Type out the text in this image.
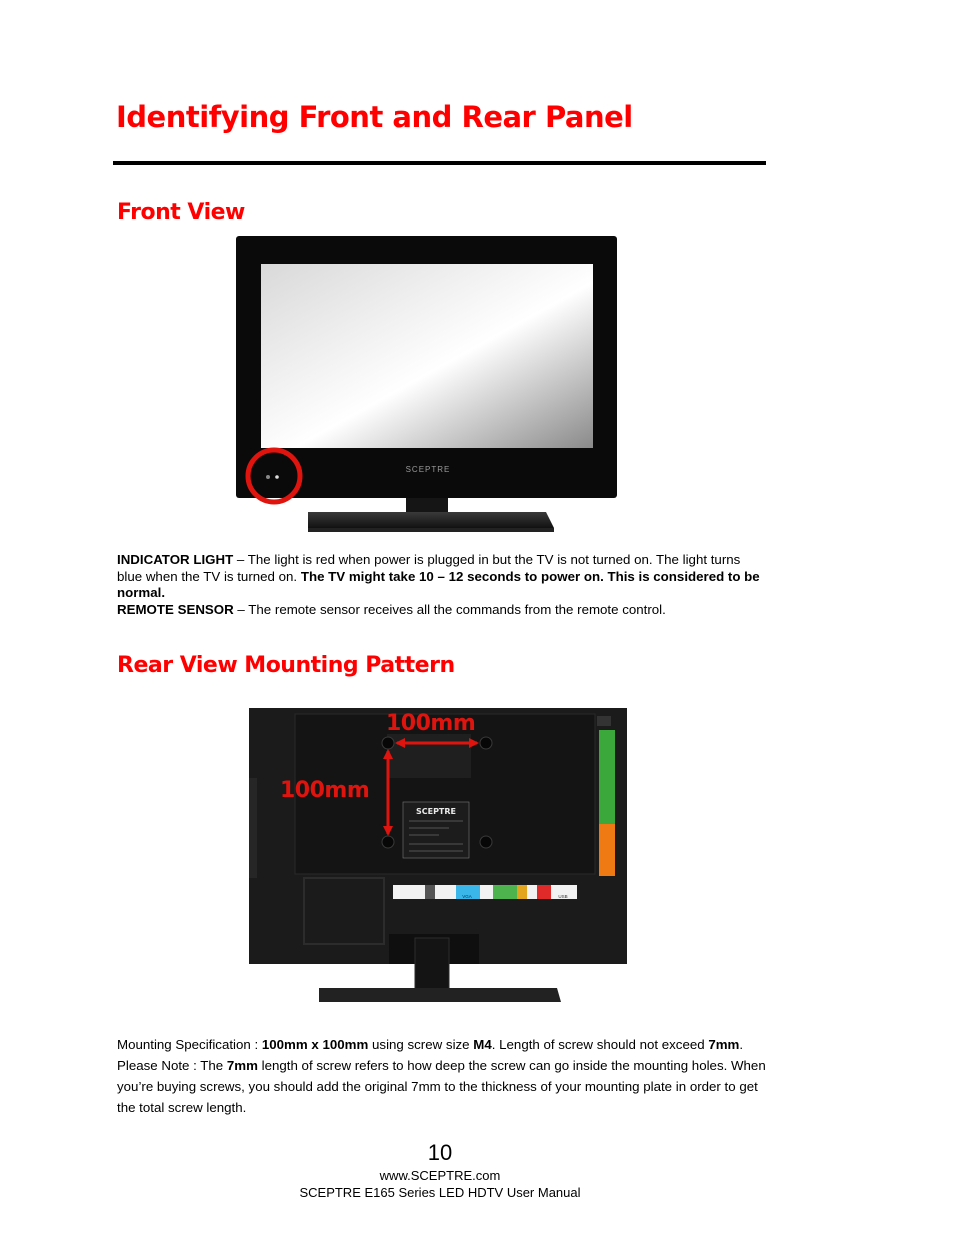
Identifying Front and Rear Panel
Front View
SCEPTRE
INDICATOR LIGHT – The light is red when power is plugged in but the TV is not turned on. The light turns blue when the TV is turned on. The TV might take 10 – 12 seconds to power on. This is considered to be normal.
REMOTE SENSOR – The remote sensor receives all the commands from the remote control.
Rear View Mounting Pattern
SCEPTRE
VGA	USB
100mm
100mm
Mounting Specification : 100mm x 100mm using screw size M4. Length of screw should not exceed 7mm. Please Note : The 7mm length of screw refers to how deep the screw can go inside the mounting holes. When you’re buying screws, you should add the original 7mm to the thickness of your mounting plate in order to get the total screw length.
10
www.SCEPTRE.com
SCEPTRE E165 Series LED HDTV User Manual
